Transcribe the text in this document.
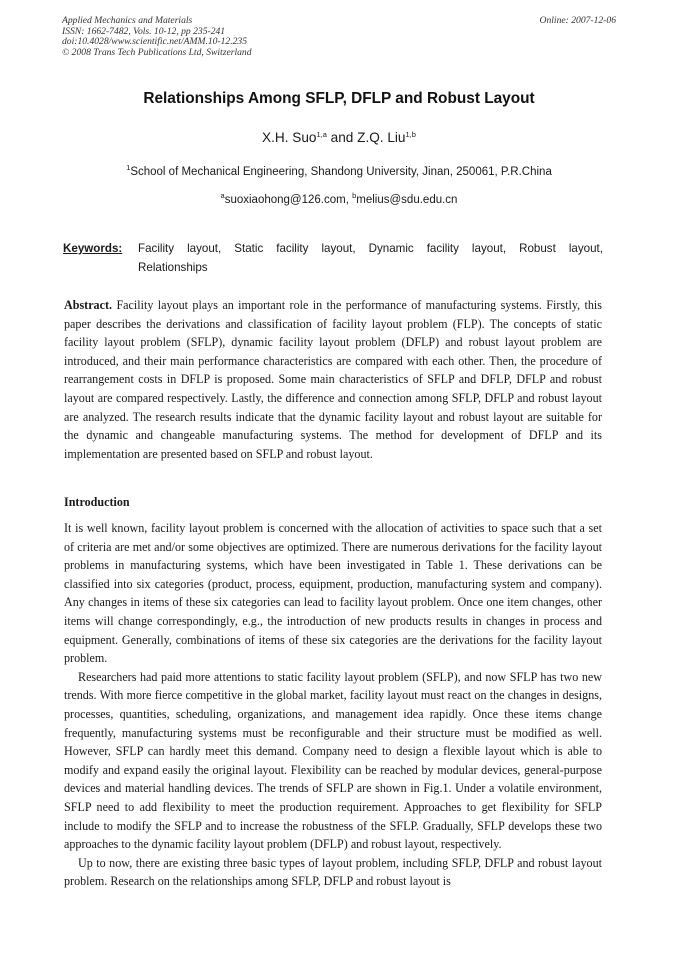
Applied Mechanics and Materials
ISSN: 1662-7482, Vols. 10-12, pp 235-241
doi:10.4028/www.scientific.net/AMM.10-12.235
© 2008 Trans Tech Publications Ltd, Switzerland
Online: 2007-12-06
Relationships Among SFLP, DFLP and Robust Layout
X.H. Suo$^{1,a}$ and Z.Q. Liu$^{1,b}$
$^1$School of Mechanical Engineering, Shandong University, Jinan, 250061, P.R.China
$^a$suoxiaohong@126.com, $^b$melius@sdu.edu.cn
Keywords: Facility layout, Static facility layout, Dynamic facility layout, Robust layout, Relationships

Abstract. Facility layout plays an important role in the performance of manufacturing systems. Firstly, this paper describes the derivations and classification of facility layout problem (FLP). The concepts of static facility layout problem (SFLP), dynamic facility layout problem (DFLP) and robust layout problem are introduced, and their main performance characteristics are compared with each other. Then, the procedure of rearrangement costs in DFLP is proposed. Some main characteristics of SFLP and DFLP, DFLP and robust layout are compared respectively. Lastly, the difference and connection among SFLP, DFLP and robust layout are analyzed. The research results indicate that the dynamic facility layout and robust layout are suitable for the dynamic and changeable manufacturing systems. The method for development of DFLP and its implementation are presented based on SFLP and robust layout.

Introduction

It is well known, facility layout problem is concerned with the allocation of activities to space such that a set of criteria are met and/or some objectives are optimized. There are numerous derivations for the facility layout problems in manufacturing systems, which have been investigated in Table 1. These derivations can be classified into six categories (product, process, equipment, production, manufacturing system and company). Any changes in items of these six categories can lead to facility layout problem. Once one item changes, other items will change correspondingly, e.g., the introduction of new products results in changes in process and equipment. Generally, combinations of items of these six categories are the derivations for the facility layout problem.

Researchers had paid more attentions to static facility layout problem (SFLP), and now SFLP has two new trends. With more fierce competitive in the global market, facility layout must react on the changes in designs, processes, quantities, scheduling, organizations, and management idea rapidly. Once these items change frequently, manufacturing systems must be reconfigurable and their structure must be modified as well. However, SFLP can hardly meet this demand. Company need to design a flexible layout which is able to modify and expand easily the original layout. Flexibility can be reached by modular devices, general-purpose devices and material handling devices. The trends of SFLP are shown in Fig.1. Under a volatile environment, SFLP need to add flexibility to meet the production requirement. Approaches to get flexibility for SFLP include to modify the SFLP and to increase the robustness of the SFLP. Gradually, SFLP develops these two approaches to the dynamic facility layout problem (DFLP) and robust layout, respectively.

Up to now, there are existing three basic types of layout problem, including SFLP, DFLP and robust layout problem. Research on the relationships among SFLP, DFLP and robust layout is
